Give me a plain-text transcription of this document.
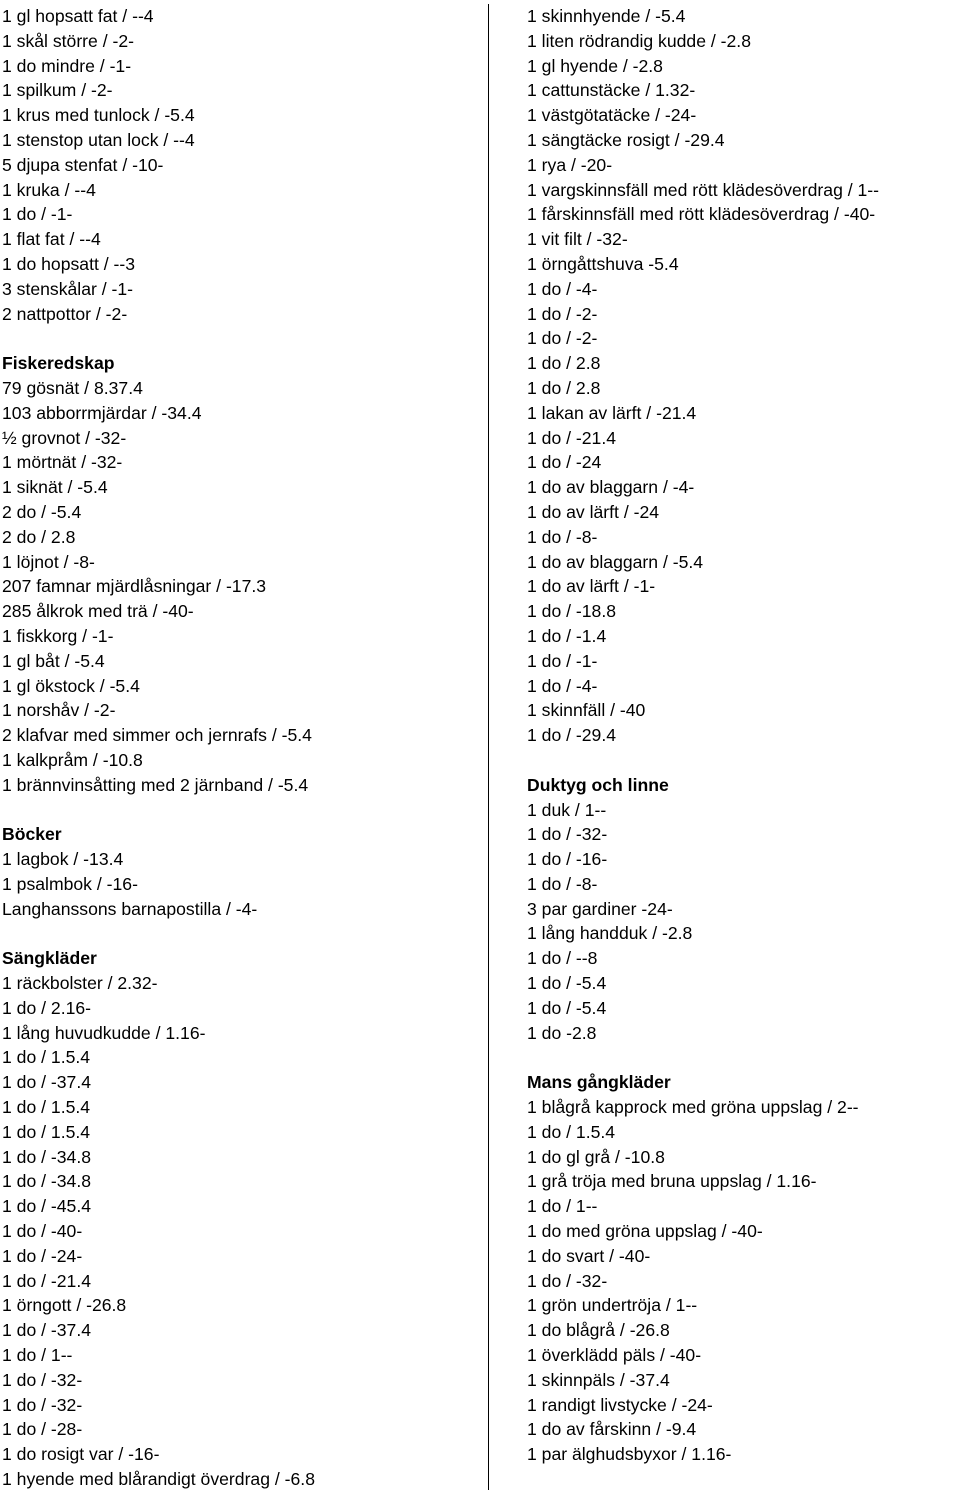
1 gl hopsatt fat / --4
1 skål större / -2-
1 do mindre / -1-
1 spilkum / -2-
1 krus med tunlock / -5.4
1 stenstop utan lock / --4
5 djupa stenfat / -10-
1 kruka / --4
1 do / -1-
1 flat fat / --4
1 do hopsatt / --3
3 stenskålar / -1-
2 nattpottor / -2-
Fiskeredskap
79 gösnät / 8.37.4
103 abborrmjärdar / -34.4
½ grovnot / -32-
1 mörtnät / -32-
1 siknät / -5.4
2 do / -5.4
2 do / 2.8
1 löjnot / -8-
207 famnar mjärdlåsningar / -17.3
285 ålkrok med trä / -40-
1 fiskkorg / -1-
1 gl båt / -5.4
1 gl ökstock / -5.4
1 norshåv / -2-
2 klafvar med simmer och jernrafs / -5.4
1 kalkpråm / -10.8
1 brännvinsåtting med 2 järnband / -5.4
Böcker
1 lagbok / -13.4
1 psalmbok / -16-
Langhanssons barnapostilla / -4-
Sängkläder
1 räckbolster / 2.32-
1 do / 2.16-
1 lång huvudkudde / 1.16-
1 do / 1.5.4
1 do / -37.4
1 do / 1.5.4
1 do / 1.5.4
1 do / -34.8
1 do / -34.8
1 do / -45.4
1 do / -40-
1 do / -24-
1 do / -21.4
1 örngott / -26.8
1 do / -37.4
1 do / 1--
1 do / -32-
1 do / -32-
1 do / -28-
1 do rosigt var / -16-
1 hyende med blårandigt överdrag / -6.8
1 skinnhyende / -5.4
1 liten rödrandig kudde / -2.8
1 gl hyende / -2.8
1 cattunstäcke / 1.32-
1 västgötatäcke / -24-
1 sängtäcke rosigt / -29.4
1 rya / -20-
1 vargskinnsfäll med rött klädesöverdrag / 1--
1 fårskinnsfäll med rött klädesöverdrag / -40-
1 vit filt / -32-
1 örngåttshuva -5.4
1 do / -4-
1 do / -2-
1 do / -2-
1 do / 2.8
1 do / 2.8
1 lakan av lärft / -21.4
1 do / -21.4
1 do / -24
1 do av blaggarn / -4-
1 do av lärft / -24
1 do / -8-
1 do av blaggarn / -5.4
1 do av lärft / -1-
1 do / -18.8
1 do / -1.4
1 do / -1-
1 do / -4-
1 skinnfäll / -40
1 do / -29.4
Duktyg och linne
1 duk / 1--
1 do / -32-
1 do / -16-
1 do / -8-
3 par gardiner -24-
1 lång handduk / -2.8
1 do / --8
1 do / -5.4
1 do / -5.4
1 do -2.8
Mans gångkläder
1 blågrå kapprock med gröna uppslag / 2--
1 do / 1.5.4
1 do gl grå / -10.8
1 grå tröja med bruna uppslag / 1.16-
1 do / 1--
1 do med gröna uppslag / -40-
1 do svart / -40-
1 do / -32-
1 grön undertröja / 1--
1 do blågrå / -26.8
1 överklädd päls / -40-
1 skinnpäls / -37.4
1 randigt livstycke / -24-
1 do av fårskinn / -9.4
1 par älghudsbyxor / 1.16-
